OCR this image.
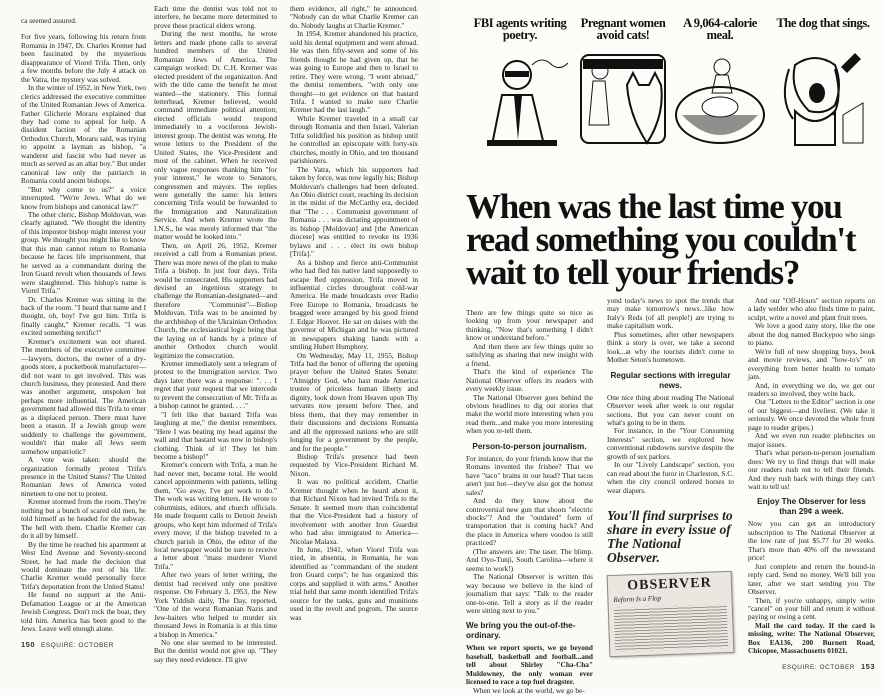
ca seemed assured.

For five years, following his return from Romania in 1947, Dr. Charles Kremer had been fascinated by the mysterious disappearance of Viorel Trifa. Then, only a few months before the July 4 attack on the Vatra, the mystery was solved.

In the winter of 1952, in New York, two clerics addressed the executive committee of the United Romanian Jews of America. Father Glicherie Moraru explained that they had come to appeal for help. A dissident faction of the Romanian Orthodox Church, Moraru said, was trying to appoint a layman as bishop, "a wanderer and fascist who had never as much as served as an altar boy." But under canonical law only the patriarch in Romania could anoint bishops.

"But why come to us?" a voice interrupted. "We're Jews. What do we know from bishops and canonical law?"

The other cleric, Bishop Moldovan, was clearly agitated. "We thought the identity of this impostor bishop might interest your group. We thought you might like to know that this man cannot return to Romania because he faces life imprisonment, that he served as a commandant during the Iron Guard revolt when thousands of Jews were slaughtered. This bishop's name is Viorel Trifa."

Dr. Charles Kremer was sitting in the back of the room. "I heard that name and I thought, oh, boy! I've got him. Trifa is finally caught," Kremer recalls. "I was excited something terrific!"

Kremer's excitement was not shared. The members of the executive committee—lawyers, doctors, the owner of a dry-goods store, a pocketbook manufacturer—did not want to get involved. This was church business, they protested. And there was another argument, unspoken but perhaps more influential. The American government had allowed this Trifa to enter as a displaced person. There must have been a reason. If a Jewish group were suddenly to challenge the government, wouldn't that make all Jews seem somehow unpatriotic?

A vote was taken: should the organization formally protest Trifa's presence in the United States? The United Romanian Jews of America voted nineteen to one not to protest.

Kremer stormed from the room. They're nothing but a bunch of scared old men, he told himself as he headed for the subway. The hell with them. Charlie Kremer can do it all by himself.

By the time he reached his apartment at West End Avenue and Seventy-second Street, he had made the decision that would dominate the rest of his life: Charlie Kremer would personally force Trifa's deportation from the United States!

He found no support at the Anti-Defamation League or at the American Jewish Congress. Don't rock the boat, they told him. America has been good to the Jews. Leave well enough alone.

150 ESQUIRE: OCTOBER

Each time the dentist was told not to interfere, he became more determined to prove these practical elders wrong.

During the next months, he wrote letters and made phone calls to several hundred members of the United Romanian Jews of America. The campaign worked: Dr. C.H. Kremer was elected president of the organization. And with the title came the benefit he most wanted—the stationery. This formal letterhead, Kremer believed, would command immediate political attention; elected officials would respond immediately to a vociferous Jewish-interest group. The dentist was wrong. He wrote letters to the President of the United States, the Vice-President and most of the cabinet. When he received only vague responses thanking him "for your interest," he wrote to Senators, congressmen and mayors. The replies were generally the same: his letters concerning Trifa would be forwarded to the Immigration and Naturalization Service. And when Kremer wrote the I.N.S., he was merely informed that "the matter would be looked into."

Then, on April 26, 1952, Kremer received a call from a Romanian priest. There was more news of the plan to make Trifa a bishop. In just four days, Trifa would be consecrated. His supporters had devised an ingenious strategy to challenge the Romanian-designated—and therefore "Communist"—Bishop Moldovan. Trifa was to be anointed by the archbishop of the Ukrainian Orthodox Church, the ecclesiastical logic being that the laying on of hands by a prince of another Orthodox church would legitimize the consecration.

Kremer immediately sent a telegram of protest to the Immigration service. Two days later there was a response: ". . . I regret that your request that we intercede to prevent the consecration of Mr. Trifa as a bishop cannot be granted. . . ."

"I felt like that bastard Trifa was laughing at me," the dentist remembers. "Here I was beating my head against the wall and that bastard was now in bishop's clothing. Think of it! They let him become a bishop!"

Kremer's concern with Trifa, a man he had never met, became total. He would cancel appointments with patients, telling them, "Go away, I've got work to do." The work was writing letters. He wrote to columnists, editors, and church officials. He made frequent calls to Detroit Jewish groups, who kept him informed of Trifa's every move; if the bishop traveled to a church parish in Ohio, the editor of the local newspaper would be sure to receive a letter about "mass murderer Viorel Trifa."

After two years of letter writing, the dentist had received only one positive response. On February 3, 1953, the New York Yiddish daily, The Day, reported, "One of the worst Romanian Nazis and Jew-baiters who helped to murder six thousand Jews in Romania is at this time a bishop in America."

No one else seemed to be interested. But the dentist would not give up. "They say they need evidence. I'll give

them evidence, all right," he announced. "Nobody can do what Charlie Kremer can do. Nobody laughs at Charlie Kremer."

In 1954, Kremer abandoned his practice, sold his dental equipment and went abroad. He was then fifty-seven and some of his friends thought he had given up, that he was going to Europe and then to Israel to retire. They were wrong. "I went abroad," the dentist remembers, "with only one thought—to get evidence on that bastard Trifa. I wanted to make sure Charlie Kremer had the last laugh."

While Kremer traveled in a small car through Romania and then Israel, Valerian Trifa solidified his position as bishop until he controlled an episcopate with forty-six churches, mostly in Ohio, and ten thousand parishioners.

The Vatra, which his supporters had taken by force, was now legally his; Bishop Moldovan's challenges had been defeated. An Ohio district court, reaching its decision in the midst of the McCarthy era, decided that "The . . . Communist government of Romania . . . was dictating appointment of its bishop [Moldovan] and [the American diocese] was entitled to revoke its 1936 bylaws and . . . elect its own bishop [Trifa]."

As a bishop and fierce anti-Communist who had fled his native land supposedly to escape Red oppression, Trifa moved in influential circles throughout cold-war America. He made broadcasts over Radio Free Europe to Romania, broadcasts he bragged were arranged by his good friend J. Edgar Hoover. He sat on daises with the governor of Michigan and he was pictured in newspapers shaking hands with a smiling Hubert Humphrey.

On Wednesday, May 11, 1955, Bishop Trifa had the honor of offering the opening prayer before the United States Senate: "Almighty God, who hast made America trustee of priceless human liberty and dignity, look down from Heaven upon Thy servants now present before Thee, and bless them, that they may remember in their discussions and decisions Romania and all the oppressed nations who are still longing for a government by the people, and for the people."

Bishop Trifa's presence had been requested by Vice-President Richard M. Nixon.

It was no political accident, Charlie Kremer thought when he heard about it, that Richard Nixon had invited Trifa to the Senate. It seemed more than coincidental that the Vice-President had a history of involvement with another Iron Guardist who had also immigrated to America—Nicolae Malaxa.

In June, 1941, when Viorel Trifa was tried, in absentia, in Romania, he was identified as "commandant of the student Iron Guard corps"; he has organized this corps and supplied it with arms." Another trial held that same month identified Trifa's source for the tanks, guns and munitions used in the revolt and pogrom. The source was

FBI agents writing poetry.
Pregnant women avoid cats!
A 9,064-calorie meal.
The dog that sings.
When was the last time you read something you couldn't wait to tell your friends?

There are few things quite so nice as looking up from your newspaper and thinking, "Now that's something I didn't know or understand before."

And then there are few things quite so satisfying as sharing that new insight with a friend.

That's the kind of experience The National Observer offers its readers with every weekly issue.

The National Observer goes behind the obvious headlines to dig out stories that make the world more interesting when you read them...and make you more interesting when you re-tell them.

Person-to-person journalism.

For instance, do your friends know that the Romans invented the frisbee? That we have "taco" brains in our head? That tacos aren't just hot—they've also got the hottest sales?

And do they know about the controversial new gun that shoots "electric shocks"? And the "outdated" form of transportation that is coming back? And the place in America where voodoo is still practiced?

(The answers are: The taser. The blimp. And Oyo-Tunji, South Carolina—where it seems to work!)

The National Observer is written this way because we believe in the kind of journalism that says: "Talk to the reader one-to-one. Tell a story as if the reader were sitting next to you."

We bring you the out-of-the-ordinary.

When we report sports, we go beyond baseball, basketball and football...and tell about Shirley "Cha-Cha" Muldowney, the only woman ever licensed to race a top fuel dragster.

When we look at the world, we go be-

yond today's news to spot the trends that may make tomorrow's news...like how Italy's Reds (of all people!) are trying to make capitalism work.

Plus sometimes, after other newspapers think a story is over, we take a second look...at why the tourists didn't come to Mother Seton's hometown.

Regular sections with irregular news.

One nice thing about reading The National Observer week after week is our regular sections. But you can never count on what's going to be in them.

For instance, in the "Your Consuming Interests" section, we explored how conventional rubdowns survive despite the growth of sex parlors.

In our "Lively Landscape" section, you can read about the furor in Charleston, S.C. when the city council ordered horses to wear diapers.

You'll find surprises to share in every issue of The National Observer.
OBSERVER
Reform Is a Flop

And our "Off-Hours" section reports on a lady welder who also finds time to paint, sculpt, write a novel and plant fruit trees.

We love a good zany story, like the one about the dog named Buckypoo who sings to piano.

We're full of new shopping buys, book and movie reviews, and "how-to's" on everything from better health to tomato jam.

And, in everything we do, we get our readers so involved, they write back.

Our "Letters to the Editor" section is one of our biggest—and liveliest. (We take it seriously. We once devoted the whole front page to reader gripes.)

And we even run reader plebiscites on major issues.

That's what person-to-person journalism does: We try to find things that will make our readers rush out to tell their friends. And they rush back with things they can't wait to tell us!

Enjoy The Observer for less than 29¢ a week.

Now you can get an introductory subscription to The National Observer at the low rate of just $5.77 for 20 weeks. That's more than 40% off the newsstand price!

Just complete and return the bound-in reply card. Send no money. We'll bill you later, after we start sending you The Observer.

Then, if you're unhappy, simply write "cancel" on your bill and return it without paying or owing a cent.

Mail the card today. If the card is missing, write: The National Observer, Box EA136, 200 Burnett Road, Chicopee, Massachusetts 01021.

ESQUIRE: OCTOBER 153
